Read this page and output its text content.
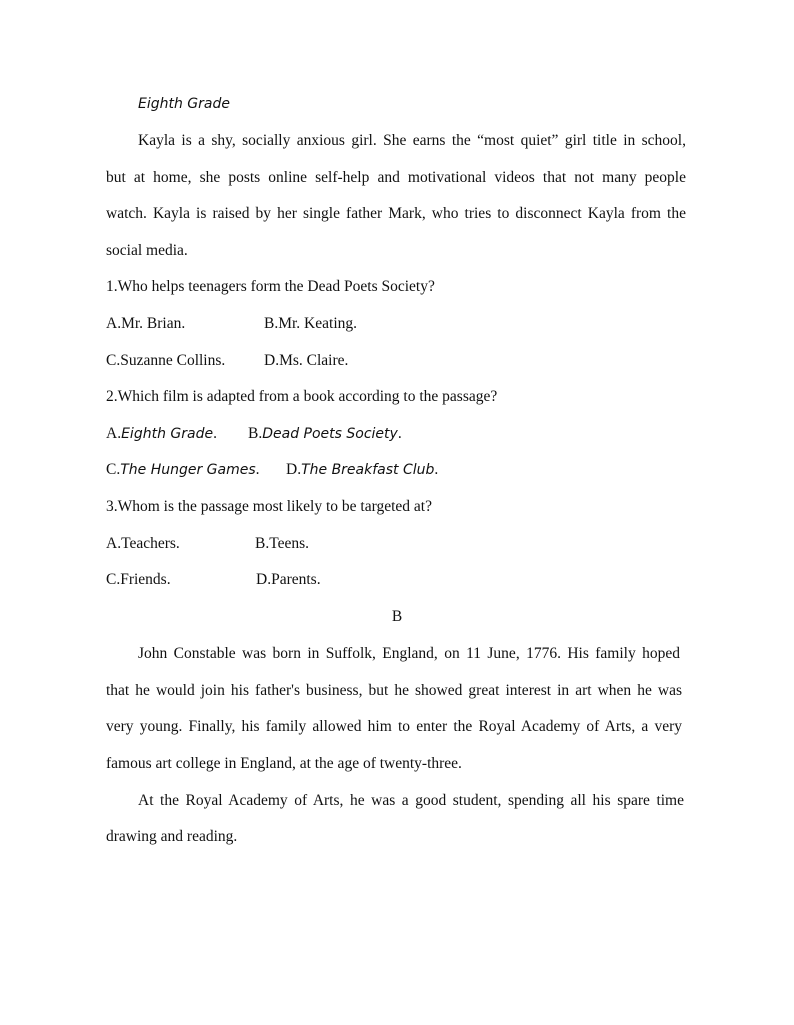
Eighth Grade
Kayla is a shy, socially anxious girl. She earns the “most quiet” girl title in school,
but at home, she posts online self-help and motivational videos that not many people
watch. Kayla is raised by her single father Mark, who tries to disconnect Kayla from the
social media.
1.Who helps teenagers form the Dead Poets Society?
A.Mr. Brian.	B.Mr. Keating.
C.Suzanne Collins. D.Ms. Claire.
2.Which film is adapted from a book according to the passage?
A.Eighth Grade. B.Dead Poets Society.
C.The Hunger Games. D.The Breakfast Club.
3.Whom is the passage most likely to be targeted at?
A.Teachers.	B.Teens.
C.Friends.	D.Parents.
B
John Constable was born in Suffolk, England, on 11 June, 1776. His family hoped
that he would join his father's business, but he showed great interest in art when he was
very young. Finally, his family allowed him to enter the Royal Academy of Arts, a very
famous art college in England, at the age of twenty-three.
At the Royal Academy of Arts, he was a good student, spending all his spare time
drawing and reading.
